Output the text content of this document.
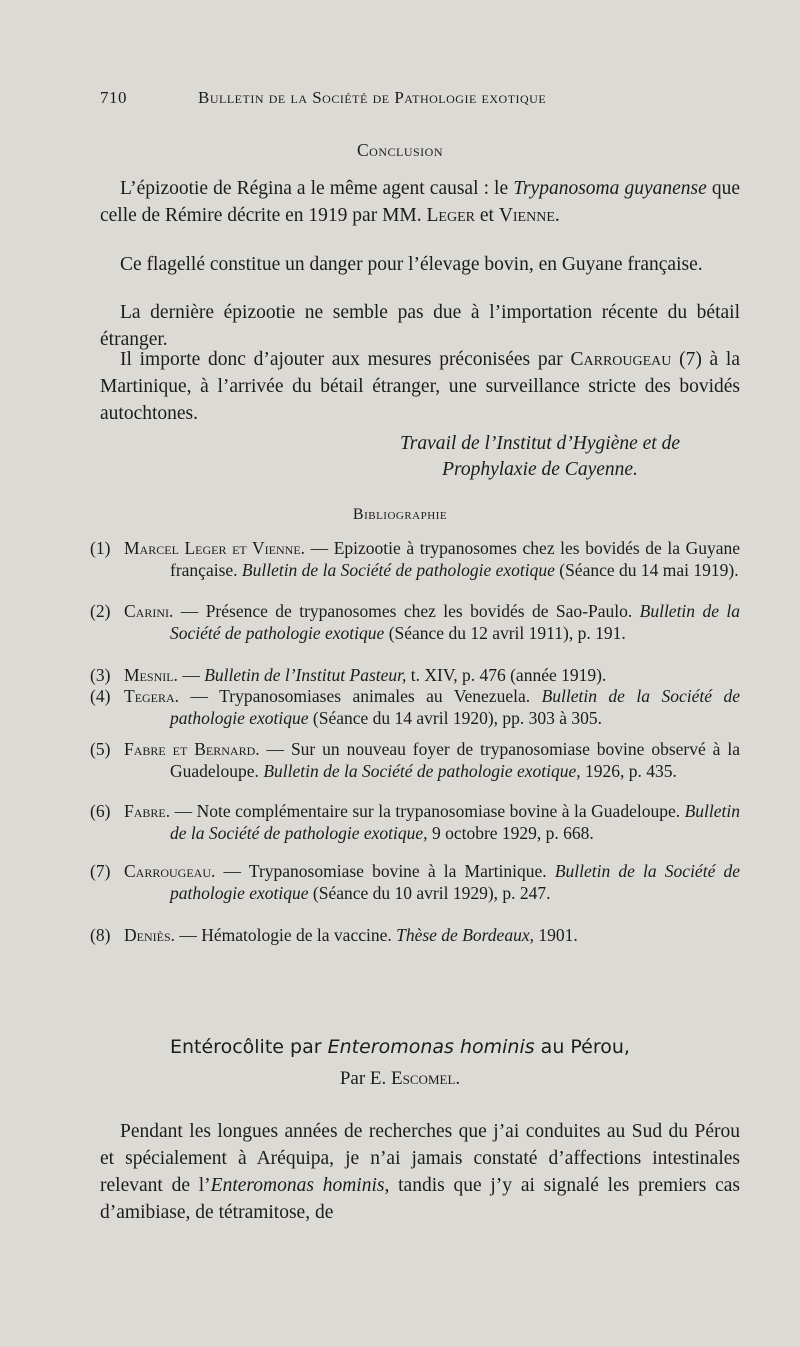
710	Bulletin de la Société de Pathologie exotique
Conclusion

L’épizootie de Régina a le même agent causal : le Trypanosoma guyanense que celle de Rémire décrite en 1919 par MM. Leger et Vienne.

Ce flagellé constitue un danger pour l’élevage bovin, en Guyane française.

La dernière épizootie ne semble pas due à l’importation récente du bétail étranger.

Il importe donc d’ajouter aux mesures préconisées par Carrougeau (7) à la Martinique, à l’arrivée du bétail étranger, une surveillance stricte des bovidés autochtones.

Travail de l’Institut d’Hygiène et de
Prophylaxie de Cayenne.
Bibliographie
(1) Marcel Leger et Vienne. — Epizootie à trypanosomes chez les bovidés de la Guyane française. Bulletin de la Société de pathologie exotique (Séance du 14 mai 1919).
(2) Carini. — Présence de trypanosomes chez les bovidés de Sao-Paulo. Bulletin de la Société de pathologie exotique (Séance du 12 avril 1911), p. 191.
(3) Mesnil. — Bulletin de l’Institut Pasteur, t. XIV, p. 476 (année 1919).
(4) Tegera. — Trypanosomiases animales au Venezuela. Bulletin de la Société de pathologie exotique (Séance du 14 avril 1920), pp. 303 à 305.
(5) Fabre et Bernard. — Sur un nouveau foyer de trypanosomiase bovine observé à la Guadeloupe. Bulletin de la Société de pathologie exotique, 1926, p. 435.
(6) Fabre. — Note complémentaire sur la trypanosomiase bovine à la Guadeloupe. Bulletin de la Société de pathologie exotique, 9 octobre 1929, p. 668.
(7) Carrougeau. — Trypanosomiase bovine à la Martinique. Bulletin de la Société de pathologie exotique (Séance du 10 avril 1929), p. 247.
(8) Deniès. — Hématologie de la vaccine. Thèse de Bordeaux, 1901.
Entérocôlite par Enteromonas hominis au Pérou,
Par E. Escomel.

Pendant les longues années de recherches que j’ai conduites au Sud du Pérou et spécialement à Aréquipa, je n’ai jamais constaté d’affections intestinales relevant de l’Enteromonas hominis, tandis que j’y ai signalé les premiers cas d’amibiase, de tétramitose, de
